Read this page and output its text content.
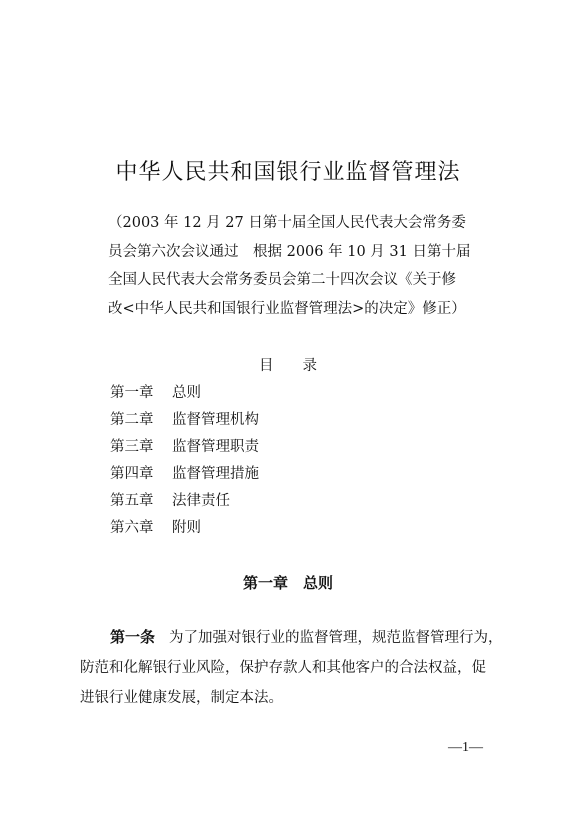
中华人民共和国银行业监督管理法
（2003 年 12 月 27 日第十届全国人民代表大会常务委
员会第六次会议通过　根据 2006 年 10 月 31 日第十届
全国人民代表大会常务委员会第二十四次会议《关于修
改<中华人民共和国银行业监督管理法>的决定》修正）
目录
第一章 总则
第二章 监督管理机构
第三章 监督管理职责
第四章 监督管理措施
第五章 法律责任
第六章 附则
第一章　总则
第一条 为了加强对银行业的监督管理，规范监督管理行为，
防范和化解银行业风险，保护存款人和其他客户的合法权益，促
进银行业健康发展，制定本法。
—1—
